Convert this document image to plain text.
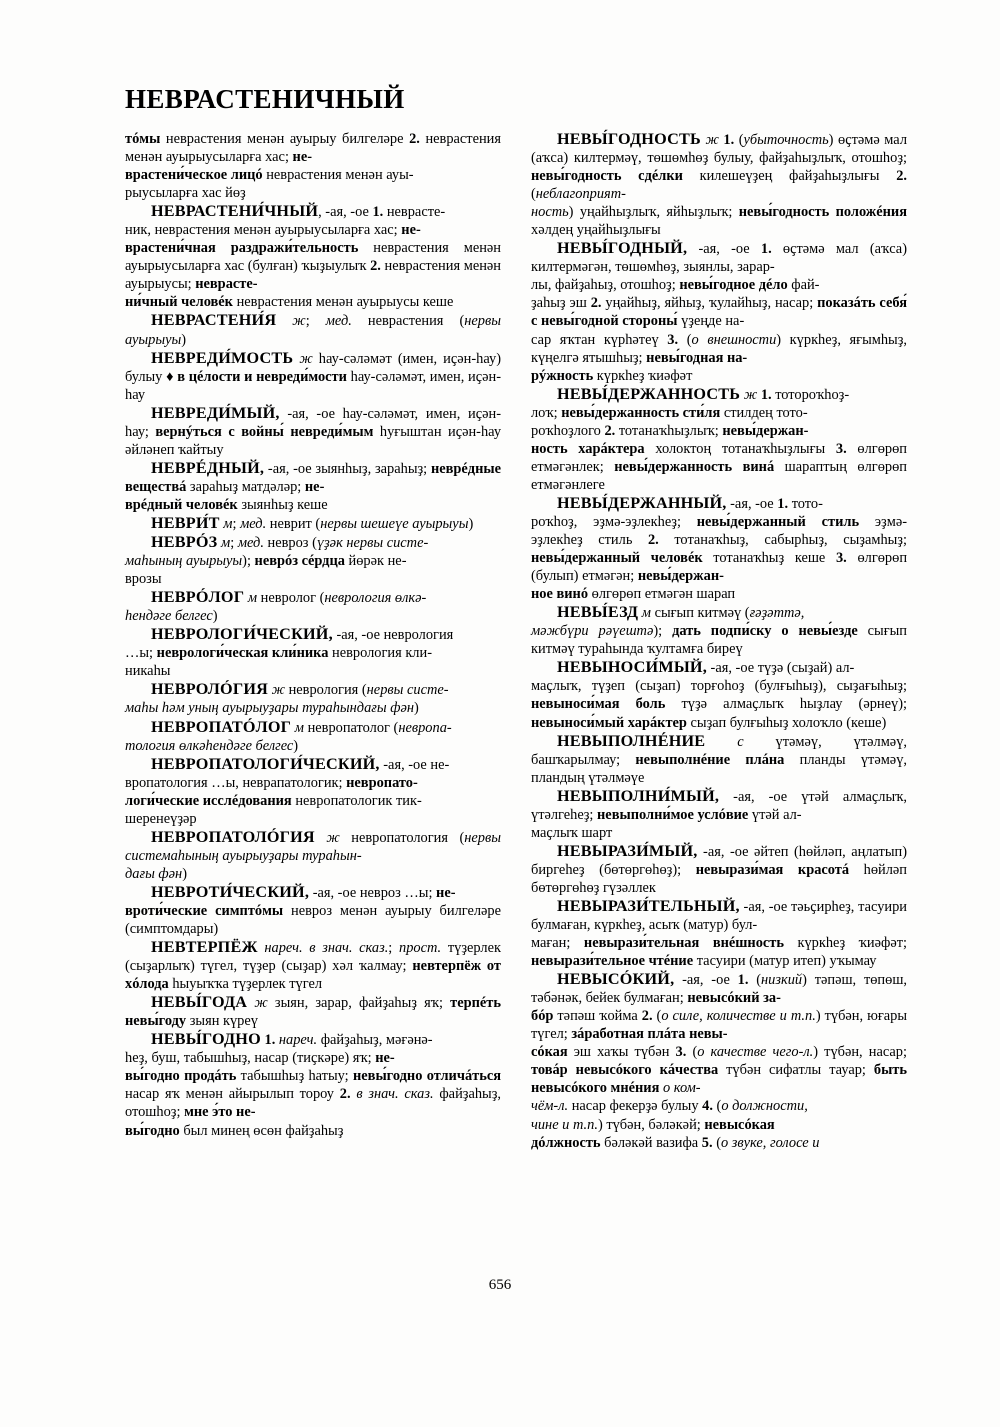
НЕВРАСТЕНИЧНЫЙ

тóмы неврастения менән ауырыу билгеләре 2. неврастения менән ауырыусыларға хас; не-
врастени́ческое лицó неврастения менән ауы-
рыусыларға хас йөҙ

НЕВРАСТЕНИ́ЧНЫЙ, -ая, -ое 1. неврасте-
ник, неврастения менән ауырыусыларға хас; не-
врастени́чная раздражи́тельность неврастения менән ауырыусыларға хас (булған) ҡыҙыулыҡ 2. неврастения менән ауырыусы; неврасте-
ни́чный человéк неврастения менән ауырыусы кеше

НЕВРАСТЕНИ́Я ж; мед. неврастения (нервы ауырыуы)

НЕВРЕДИ́МОСТЬ ж һау-сәләмәт (имен, иҫән-һау) булыу ♦ в цéлости и невреди́мости һау-сәләмәт, имен, иҫән-һау

НЕВРЕДИ́МЫЙ, -ая, -ое һау-сәләмәт, имен, иҫән-һау; вернýться с войны́ невреди́мым һуғыштан иҫән-һау әйләнеп ҡайтыу

НЕВРÉДНЫЙ, -ая, -ое зыянһыҙ, зараһыҙ; неврéдные веществá зараһыҙ матдәләр; не-
врéдный человéк зыянһыҙ кеше

НЕВРИ́Т м; мед. неврит (нервы шешеүе ауырыуы)

НЕВРÓЗ м; мед. невроз (үҙәк нервы систе-
маһының ауырыуы); неврóз сéрдца йөрәк не-
врозы

НЕВРÓЛОГ м невролог (неврология өлкә-
һендәге белгес)

НЕВРОЛОГИ́ЧЕСКИЙ, -ая, -ое неврология
…ы; неврологи́ческая кли́ника неврология кли-
никаһы

НЕВРОЛÓГИЯ ж неврология (нервы систе-
маһы һәм уның ауырыуҙары тураһындағы фән)

НЕВРОПАТÓЛОГ м невропатолог (невропа-
тология өлкәһендәге белгес)

НЕВРОПАТОЛОГИ́ЧЕСКИЙ, -ая, -ое не-
вропатология …ы, неврапатологик; невропато-
логи́ческие исслéдования невропатологик тик-
шеренеүҙәр

НЕВРОПАТОЛÓГИЯ ж невропатология (нервы системаһының ауырыуҙары тураһын-
дағы фән)

НЕВРОТИ́ЧЕСКИЙ, -ая, -ое невроз …ы; не-
вроти́ческие симптóмы невроз менән ауырыу билгеләре (симптомдары)

НЕВТЕРПЁЖ нареч. в знач. сказ.; прост. түҙерлек (сыҙарлыҡ) түгел, түҙер (сыҙар) хәл ҡалмау; невтерпёж от хóлода һыуыҡҡа түҙерлек түгел

НЕВЫ́ГОДА ж зыян, зарар, файҙаһыҙ яҡ; терпéть невы́году зыян күреү

НЕВЫ́ГОДНО 1. нареч. файҙаһыҙ, мәғәнә-
һеҙ, буш, табышһыҙ, насар (тиҫкәре) яҡ; не-
вы́годно продáть табышһыҙ һатыу; невы́годно отличáться насар яҡ менән айырылып тороу 2. в знач. сказ. файҙаһыҙ, отошһоҙ; мне э́то не-
вы́годно был минең өсөн файҙаһыҙ

НЕВЫ́ГОДНОСТЬ ж 1. (убыточность) өҫтәмә мал (аҡса) килтермәү, төшөмһөҙ булыу, файҙаһыҙлыҡ, отошһоҙ; невы́годность сдéлки килешеүҙең файҙаһыҙлығы 2. (неблагоприят-
ность) уңайһыҙлыҡ, яйһыҙлыҡ; невы́годность положéния хәлдең уңайһыҙлығы

НЕВЫ́ГОДНЫЙ, -ая, -ое 1. өҫтәмә мал (аҡса) килтермәгән, төшөмһөҙ, зыянлы, зарар-
лы, файҙаһыҙ, отошһоҙ; невы́годное дéло фай-
ҙаһыҙ эш 2. уңайһыҙ, яйһыҙ, ҡулайһыҙ, насар; показáть себя́ с невы́годной стороны́ үҙеңде на-
сар яҡтан күрһәтеү 3. (о внешности) күркһеҙ, яғымһыҙ, күңелгә ятышһыҙ; невы́годная на-
рýжность күркһеҙ ҡиәфәт

НЕВЫ́ДЕРЖАННОСТЬ ж 1. тотороҡһоҙ-
лоҡ; невы́держанность сти́ля стилдең тото-
роҡһоҙлого 2. тотанаҡһыҙлыҡ; невы́держан-
ность харáктера холоктоң тотанаҡһыҙлығы 3. өлгөрөп етмәгәнлек; невы́держанность винá шараптың өлгөрөп етмәгәнлеге

НЕВЫ́ДЕРЖАННЫЙ, -ая, -ое 1. тото-
роҡһоҙ, эҙмә-эҙлекһеҙ; невы́держанный стиль эҙмә-эҙлекһеҙ стиль 2. тотанаҡһыҙ, сабырһыҙ, сыҙамһыҙ; невы́держанный человéк тотанаҡһыҙ кеше 3. өлгөрөп (булып) етмәгән; невы́держан-
ное винó өлгөрөп етмәгән шарап

НЕВЫ́ЕЗД м сығып китмәү (ғәҙәттә,
мәжбүри рәүештә); дать подпи́ску о невы́езде сығып китмәү тураһында ҡултамға биреү

НЕВЫНОСИ́МЫЙ, -ая, -ое түҙә (сыҙай) ал-
маҫлыҡ, түҙеп (сыҙап) торғоһоҙ (булғыһыҙ), сыҙағыһыҙ; невыноси́мая боль түҙә алмаҫлыҡ һыҙлау (әрнеү); невыноси́мый харáктер сыҙап булғыһыҙ холоҡло (кеше)

НЕВЫПОЛНÉНИЕ с үтәмәү, үтәлмәү, башҡарылмау; невыполнéние плáна планды үтәмәү, пландың үтәлмәүе

НЕВЫПОЛНИ́МЫЙ, -ая, -ое үтәй алмаҫлыҡ, үтәлгеһеҙ; невыполни́мое услóвие үтәй ал-
маҫлыҡ шарт

НЕВЫРАЗИ́МЫЙ, -ая, -ое әйтеп (һөйләп, аңлатып) биргеһеҙ (бөтөргөһөҙ); невырази́мая красотá һөйләп бөтөргөһөҙ гүзәллек

НЕВЫРАЗИ́ТЕЛЬНЫЙ, -ая, -ое тәьҫирһеҙ, тасуири булмаған, күркһеҙ, асыҡ (матур) бул-
маған; невырази́тельная внéшность күркһеҙ ҡиәфәт; невырази́тельное чтéние тасуири (матур итеп) уҡымау

НЕВЫСÓКИЙ, -ая, -ое 1. (низкий) тәпәш, төпөш, тәбәнәк, бейек булмаған; невысóкий за-
бóр тәпәш ҡойма 2. (о силе, количестве и т.п.) түбән, юғары түгел; зáработная плáта невы-
сóкая эш хаҡы түбән 3. (о качестве чего-л.) түбән, насар; товáр невысóкого кáчества түбән сифатлы тауар; быть невысóкого мнéния о ком-
чём-л. насар фекерҙә булыу 4. (о должности,
чине и т.п.) түбән, бәләкәй; невысóкая
дóлжность бәләкәй вазифа 5. (о звуке, голосе и

656
